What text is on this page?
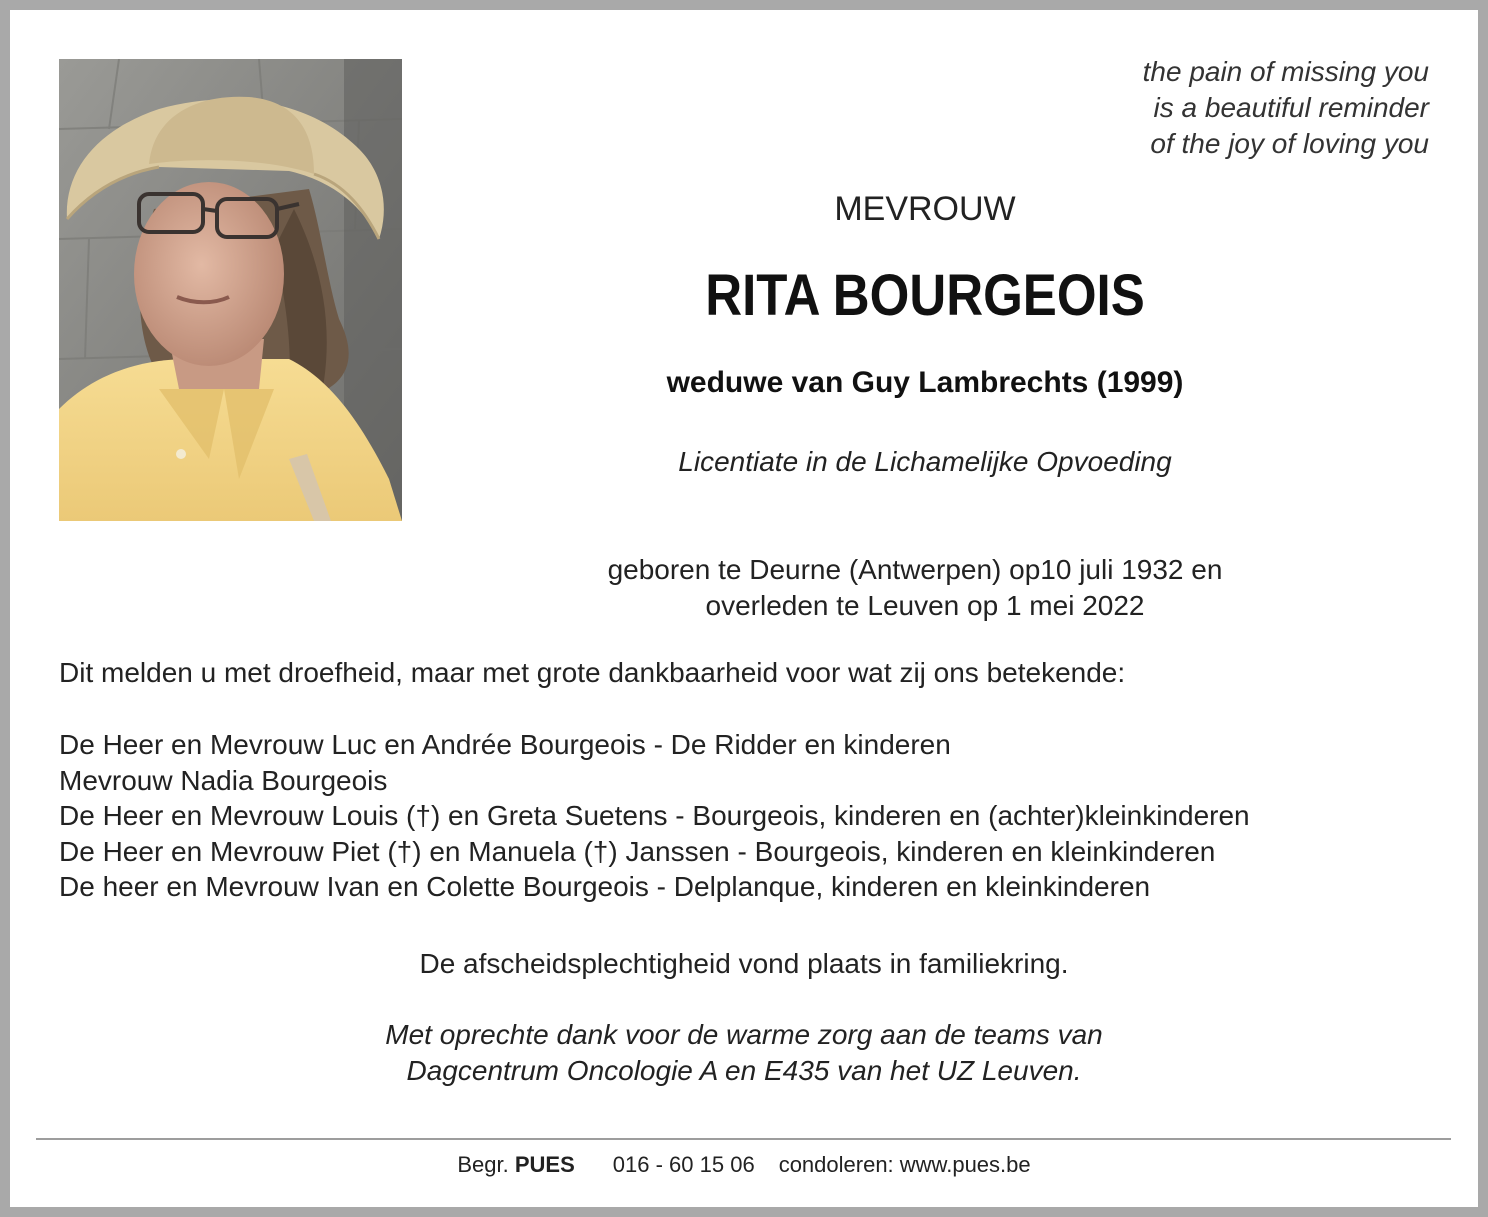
the pain of missing you
is a beautiful reminder
of the joy of loving you
MEVROUW
RITA BOURGEOIS
weduwe van Guy Lambrechts (1999)
Licentiate in de Lichamelijke Opvoeding
geboren te Deurne (Antwerpen) op10 juli 1932 en
overleden te Leuven op 1 mei 2022
Dit melden u met droefheid, maar met grote dankbaarheid voor wat zij ons betekende:
De Heer en Mevrouw Luc en Andrée Bourgeois - De Ridder en kinderen
Mevrouw Nadia Bourgeois
De Heer en Mevrouw Louis (†) en Greta Suetens - Bourgeois, kinderen en (achter)kleinkinderen
De Heer en Mevrouw Piet (†) en Manuela (†) Janssen - Bourgeois, kinderen en kleinkinderen
De heer en Mevrouw Ivan en Colette Bourgeois - Delplanque, kinderen en kleinkinderen
De afscheidsplechtigheid vond plaats in familiekring.
Met oprechte dank voor de warme zorg aan de teams van
Dagcentrum Oncologie A en E435 van het UZ Leuven.
Begr. PUES 016 - 60 15 06 condoleren: www.pues.be
